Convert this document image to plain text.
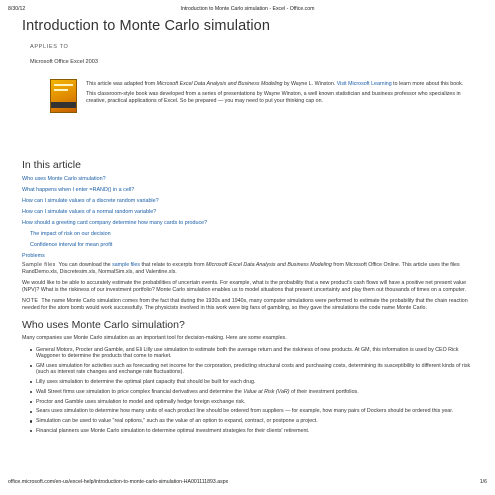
8/30/12	Introduction to Monte Carlo simulation - Excel - Office.com
Introduction to Monte Carlo simulation
APPLIES TO
Microsoft Office Excel 2003

This article was adapted from Microsoft Excel Data Analysis and Business Modeling by Wayne L. Winston. Visit Microsoft Learning to learn more about this book.

This classroom-style book was developed from a series of presentations by Wayne Winston, a well known statistician and business professor who specializes in creative, practical applications of Excel. So be prepared — you may need to put your thinking cap on.

In this article
Who uses Monte Carlo simulation?
What happens when I enter =RAND() in a cell?
How can I simulate values of a discrete random variable?
How can I simulate values of a normal random variable?
How should a greeting card company determine how many cards to produce?
The impact of risk on our decision
Confidence interval for mean profit
Problems

Sample files You can download the sample files that relate to excerpts from Microsoft Excel Data Analysis and Business Modeling from Microsoft Office Online. This article uses the files RandDemo.xls, Discretesim.xls, NormalSim.xls, and Valentine.xls.

We would like to be able to accurately estimate the probabilities of uncertain events. For example, what is the probability that a new product's cash flows will have a positive net present value (NPV)? What is the riskiness of our investment portfolio? Monte Carlo simulation enables us to model situations that present uncertainty and play them out thousands of times on a computer.

NOTE The name Monte Carlo simulation comes from the fact that during the 1930s and 1940s, many computer simulations were performed to estimate the probability that the chain reaction needed for the atom bomb would work successfully. The physicists involved in this work were big fans of gambling, so they gave the simulations the code name Monte Carlo.

Who uses Monte Carlo simulation?

Many companies use Monte Carlo simulation as an important tool for decision-making. Here are some examples.

General Motors, Procter and Gamble, and Eli Lilly use simulation to estimate both the average return and the riskiness of new products. At GM, this information is used by CEO Rick Waggoner to determine the products that come to market.
GM uses simulation for activities such as forecasting net income for the corporation, predicting structural costs and purchasing costs, determining its susceptibility to different kinds of risk (such as interest rate changes and exchange rate fluctuations).
Lilly uses simulation to determine the optimal plant capacity that should be built for each drug.
Wall Street firms use simulation to price complex financial derivatives and determine the Value at Risk (VaR) of their investment portfolios.
Proctor and Gamble uses simulation to model and optimally hedge foreign exchange risk.
Sears uses simulation to determine how many units of each product line should be ordered from suppliers — for example, how many pairs of Dockers should be ordered this year.
Simulation can be used to value "real options," such as the value of an option to expand, contract, or postpone a project.
Financial planners use Monte Carlo simulation to determine optimal investment strategies for their clients' retirement.
office.microsoft.com/en-us/excel-help/introduction-to-monte-carlo-simulation-HA001111893.aspx	1/6
